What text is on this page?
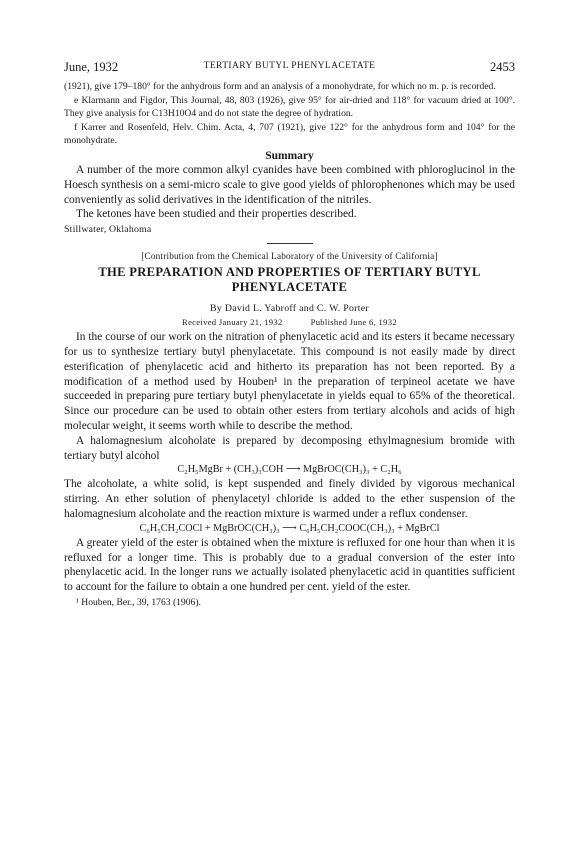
June, 1932	TERTIARY BUTYL PHENYLACETATE	2453
(1921), give 179–180° for the anhydrous form and an analysis of a monohydrate, for which no m. p. is recorded.
e Klarmann and Figdor, This Journal, 48, 803 (1926), give 95° for air-dried and 118° for vacuum dried at 100°. They give analysis for C13H10O4 and do not state the degree of hydration.
f Karrer and Rosenfeld, Helv. Chim. Acta, 4, 707 (1921), give 122° for the anhydrous form and 104° for the monohydrate.
Summary

A number of the more common alkyl cyanides have been combined with phloroglucinol in the Hoesch synthesis on a semi-micro scale to give good yields of phlorophenones which may be used conveniently as solid derivatives in the identification of the nitriles.

The ketones have been studied and their properties described.

Stillwater, Oklahoma
[Contribution from the Chemical Laboratory of the University of California]
THE PREPARATION AND PROPERTIES OF TERTIARY BUTYL PHENYLACETATE
By David L. Yabroff and C. W. Porter
Received January 21, 1932	Published June 6, 1932

In the course of our work on the nitration of phenylacetic acid and its esters it became necessary for us to synthesize tertiary butyl phenylacetate. This compound is not easily made by direct esterification of phenylacetic acid and hitherto its preparation has not been reported. By a modification of a method used by Houben¹ in the preparation of terpineol acetate we have succeeded in preparing pure tertiary butyl phenylacetate in yields equal to 65% of the theoretical. Since our procedure can be used to obtain other esters from tertiary alcohols and acids of high molecular weight, it seems worth while to describe the method.

A halomagnesium alcoholate is prepared by decomposing ethylmagnesium bromide with tertiary butyl alcohol

C₂H₅MgBr + (CH₃)₃COH ⟶ MgBrOC(CH₃)₃ + C₂H₆

The alcoholate, a white solid, is kept suspended and finely divided by vigorous mechanical stirring. An ether solution of phenylacetyl chloride is added to the ether suspension of the halomagnesium alcoholate and the reaction mixture is warmed under a reflux condenser.

C₆H₅CH₂COCl + MgBrOC(CH₃)₃ ⟶ C₆H₅CH₂COOC(CH₃)₃ + MgBrCl

A greater yield of the ester is obtained when the mixture is refluxed for one hour than when it is refluxed for a longer time. This is probably due to a gradual conversion of the ester into phenylacetic acid. In the longer runs we actually isolated phenylacetic acid in quantities sufficient to account for the failure to obtain a one hundred per cent. yield of the ester.

¹ Houben, Ber., 39, 1763 (1906).
